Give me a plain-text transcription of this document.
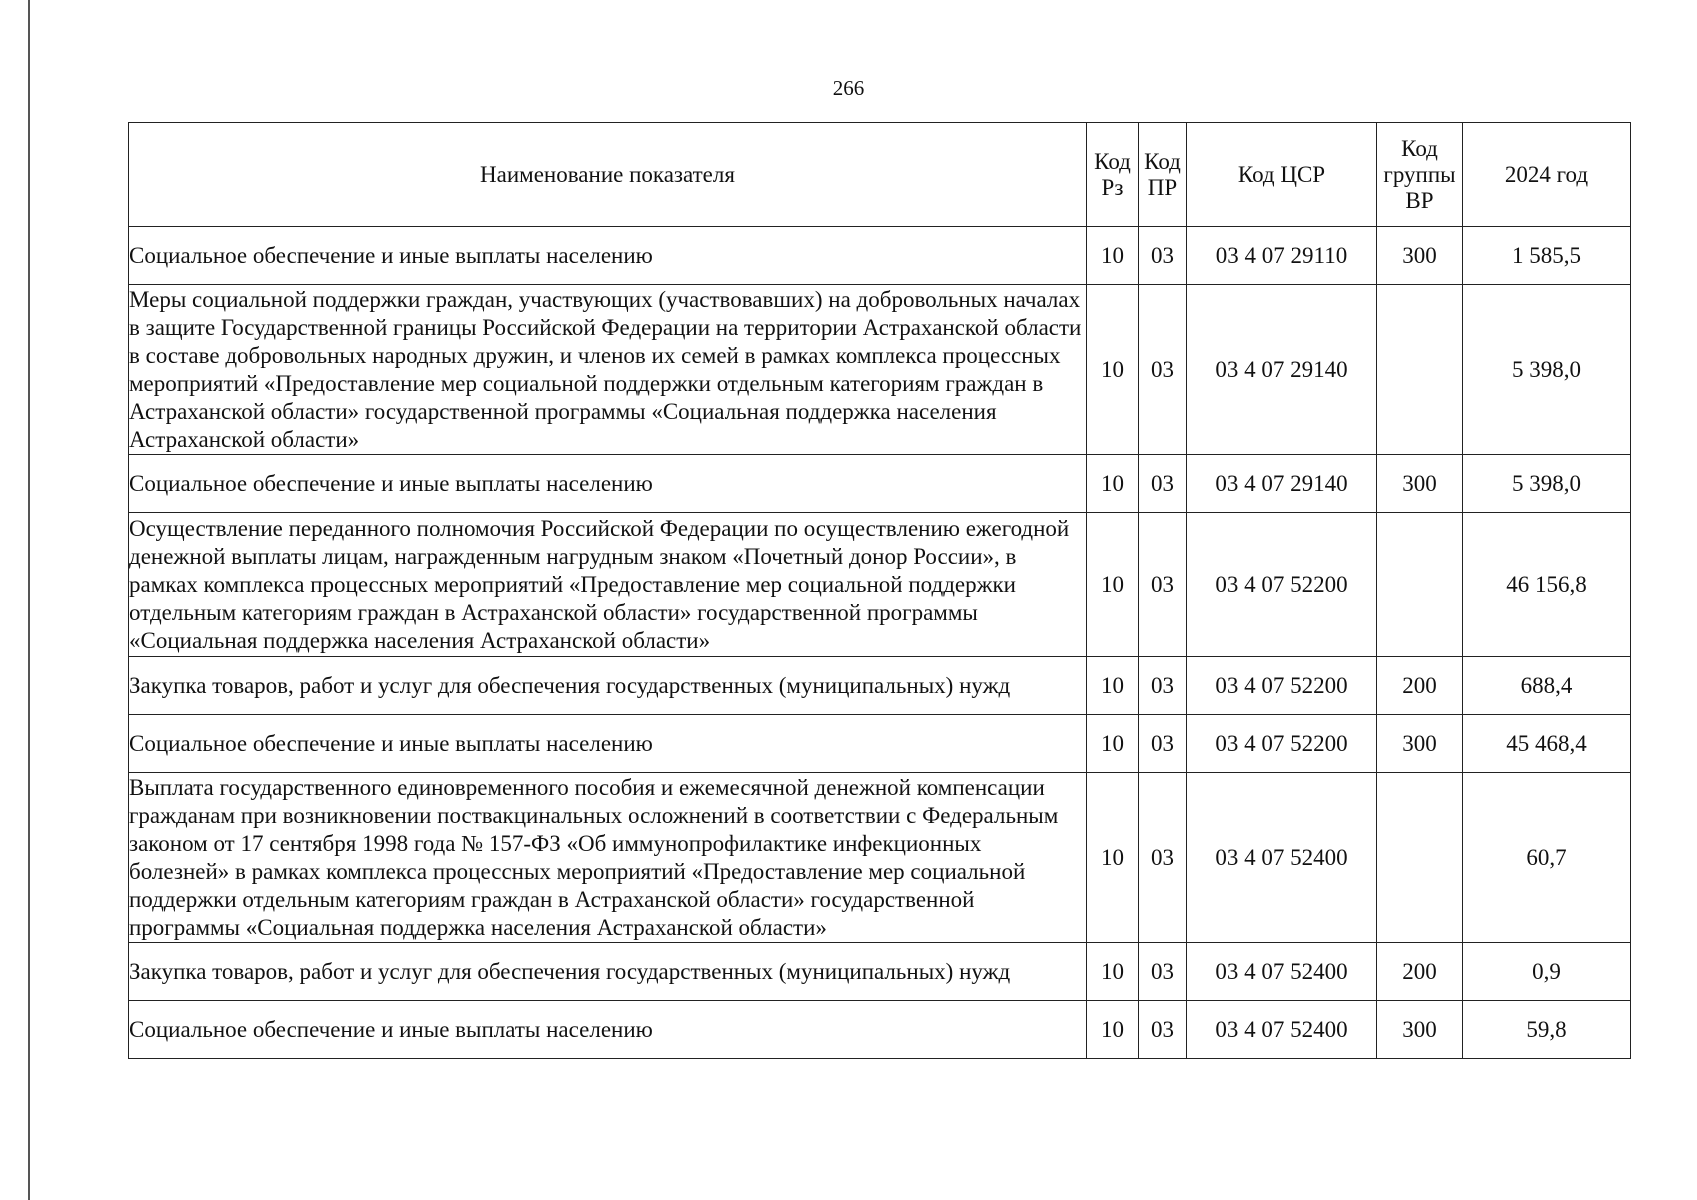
266
Наименование показателя	Код Рз	Код ПР	Код ЦСР	Код группы ВР	2024 год
Социальное обеспечение и иные выплаты населению	10	03	03 4 07 29110	300	1 585,5
Меры социальной поддержки граждан, участвующих (участвовавших) на добровольных началах в защите Государственной границы Российской Федерации на территории Астраханской области в составе добровольных народных дружин, и членов их семей в рамках комплекса процессных мероприятий «Предоставление мер социальной поддержки отдельным категориям граждан в Астраханской области» государственной программы «Социальная поддержка населения Астраханской области»	10	03	03 4 07 29140		5 398,0
Социальное обеспечение и иные выплаты населению	10	03	03 4 07 29140	300	5 398,0
Осуществление переданного полномочия Российской Федерации по осуществлению ежегодной денежной выплаты лицам, награжденным нагрудным знаком «Почетный донор России», в рамках комплекса процессных мероприятий «Предоставление мер социальной поддержки отдельным категориям граждан в Астраханской области» государственной программы «Социальная поддержка населения Астраханской области»	10	03	03 4 07 52200		46 156,8
Закупка товаров, работ и услуг для обеспечения государственных (муниципальных) нужд	10	03	03 4 07 52200	200	688,4
Социальное обеспечение и иные выплаты населению	10	03	03 4 07 52200	300	45 468,4
Выплата государственного единовременного пособия и ежемесячной денежной компенсации гражданам при возникновении поствакцинальных осложнений в соответствии с Федеральным законом от 17 сентября 1998 года № 157-ФЗ «Об иммунопрофилактике инфекционных болезней» в рамках комплекса процессных мероприятий «Предоставление мер социальной поддержки отдельным категориям граждан в Астраханской области» государственной программы «Социальная поддержка населения Астраханской области»	10	03	03 4 07 52400		60,7
Закупка товаров, работ и услуг для обеспечения государственных (муниципальных) нужд	10	03	03 4 07 52400	200	0,9
Социальное обеспечение и иные выплаты населению	10	03	03 4 07 52400	300	59,8
